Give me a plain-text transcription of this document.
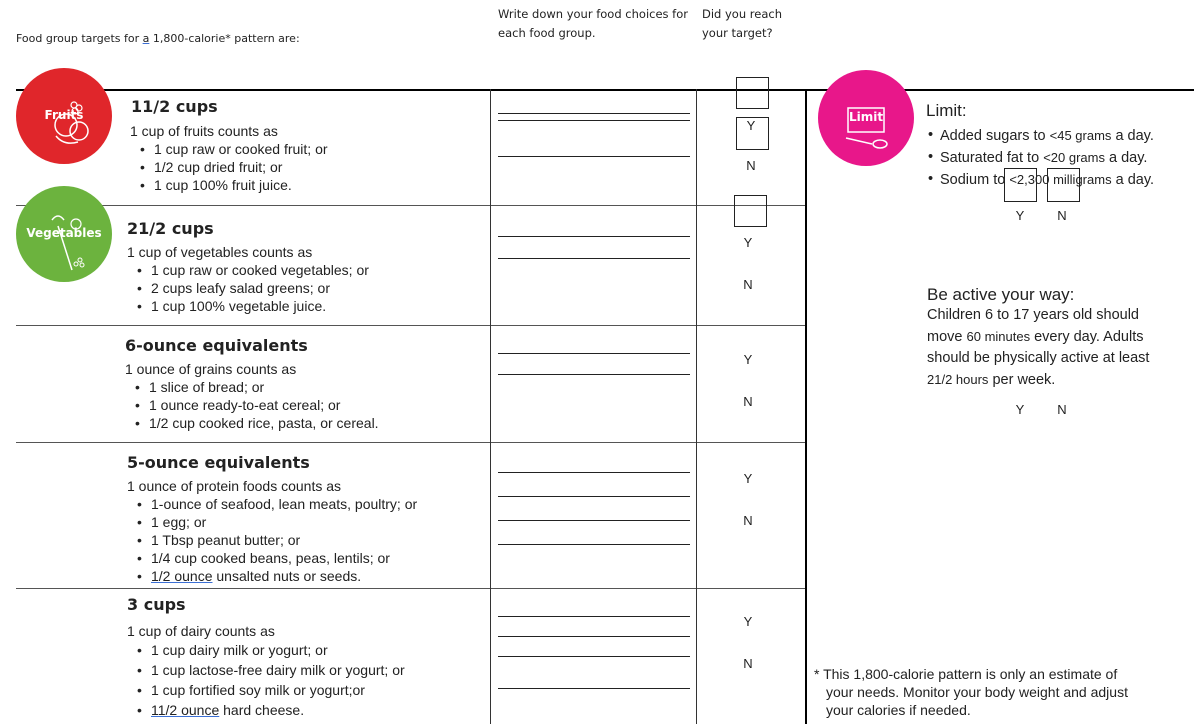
Food group targets for a 1,800-calorie* pattern are:
Write down your food choices for
each food group.
Did you reach
your target?
Fruits
Vegetables
11/2 cups
1 cup of fruits counts as
• 1 cup raw or cooked fruit; or
• 1/2 cup dried fruit; or
• 1 cup 100% fruit juice.
Y
N
21/2 cups
1 cup of vegetables counts as
• 1 cup raw or cooked vegetables; or
• 2 cups leafy salad greens; or
• 1 cup 100% vegetable juice.
Y
N
6-ounce equivalents
1 ounce of grains counts as
• 1 slice of bread; or
• 1 ounce ready-to-eat cereal; or
• 1/2 cup cooked rice, pasta, or cereal.
Y
N
5-ounce equivalents
1 ounce of protein foods counts as
• 1-ounce of seafood, lean meats, poultry; or
• 1 egg; or
• 1 Tbsp peanut butter; or
• 1/4 cup cooked beans, peas, lentils; or
• 1/2 ounce unsalted nuts or seeds.
Y
N
3 cups
1 cup of dairy counts as
• 1 cup dairy milk or yogurt; or
• 1 cup lactose-free dairy milk or yogurt; or
• 1 cup fortified soy milk or yogurt;or
• 11/2 ounce hard cheese.
Y
N
Limit	Limit:
• Added sugars to <45 grams a day.
• Saturated fat to <20 grams a day.
• Sodium to <2,300 milligrams a day.
Y	N
Be active your way:
Children 6 to 17 years old should
move 60 minutes every day. Adults
should be physically active at least
21/2 hours per week.
Y	N
* This 1,800-calorie pattern is only an estimate of
your needs. Monitor your body weight and adjust
your calories if needed.
